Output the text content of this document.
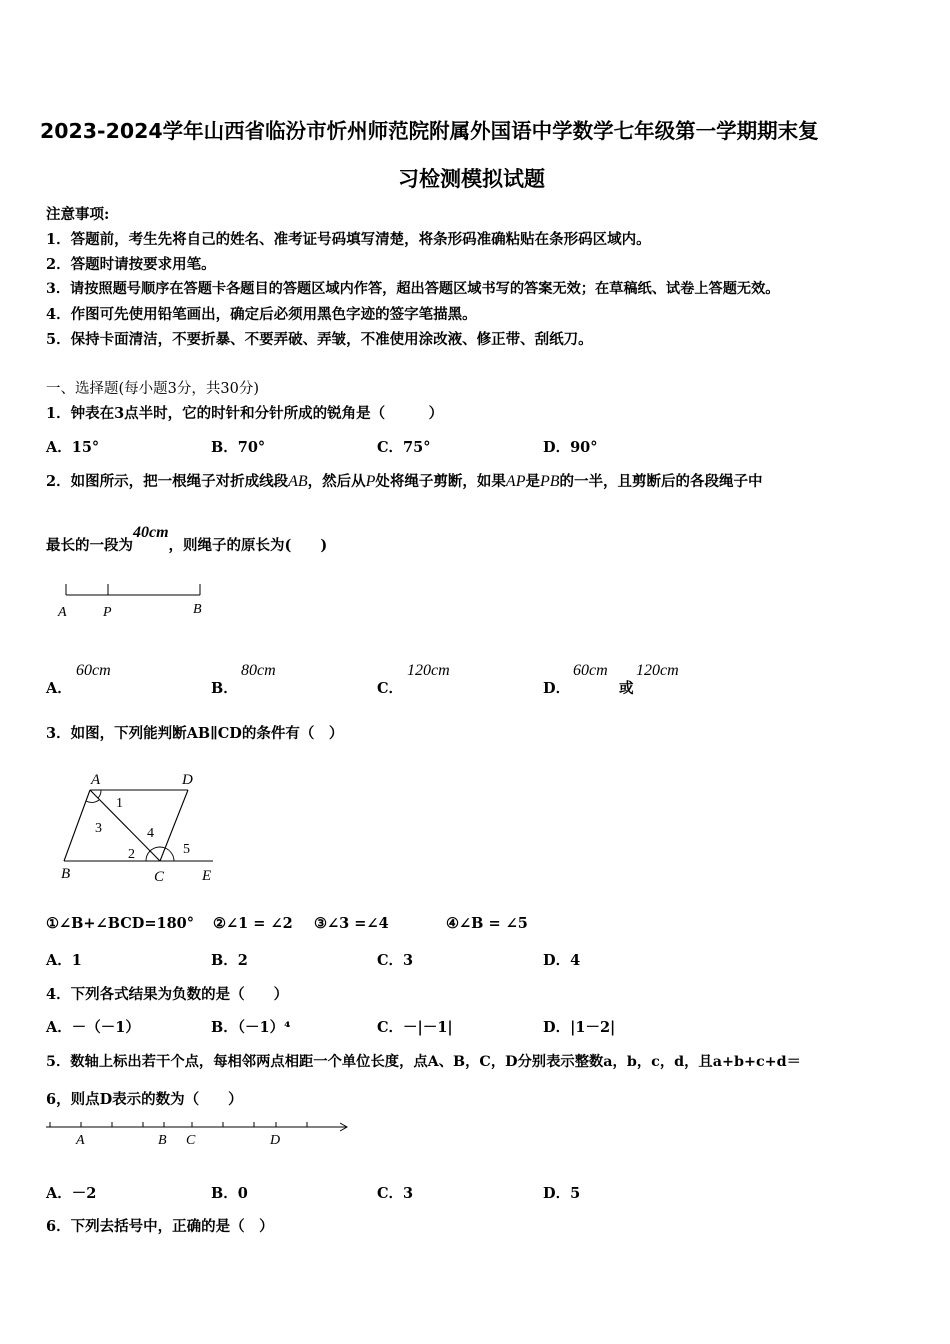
2023-2024学年山西省临汾市忻州师范院附属外国语中学数学七年级第一学期期末复
习检测模拟试题
注意事项:
1．答题前，考生先将自己的姓名、准考证号码填写清楚，将条形码准确粘贴在条形码区域内。
2．答题时请按要求用笔。
3．请按照题号顺序在答题卡各题目的答题区域内作答，超出答题区域书写的答案无效；在草稿纸、试卷上答题无效。
4．作图可先使用铅笔画出，确定后必须用黑色字迹的签字笔描黑。
5．保持卡面清洁，不要折暴、不要弄破、弄皱，不准使用涂改液、修正带、刮纸刀。
一、选择题(每小题3分，共30分)
1．钟表在3点半时，它的时针和分针所成的锐角是（　　　）
A．15°	B．70°	C．75°	D．90°
2．如图所示，把一根绳子对折成线段AB，然后从P处将绳子剪断，如果AP是PB的一半，且剪断后的各段绳子中
最长的一段为40cm，则绳子的原长为(　　)
A	P	B
A．
60cm
B．
80cm
C．
120cm
D．
60cm
或
120cm
3．如图，下列能判断AB∥CD的条件有（　）
A	D
B	C	E
1
2
3	4
5
①∠B+∠BCD=180° ②∠1 = ∠2 ③∠3 =∠4	④∠B = ∠5
A．1	B．2	C．3	D．4
4．下列各式结果为负数的是（　　）
A．－（－1）	B．（－1）⁴	C．－|－1|	D．|1－2|
5．数轴上标出若干个点，每相邻两点相距一个单位长度，点A、B，C，D分别表示整数a，b，c，d，且a+b+c+d＝
6，则点D表示的数为（　　）
A	B C	D
A．－2	B．0	C．3	D．5
6．下列去括号中，正确的是（　）
